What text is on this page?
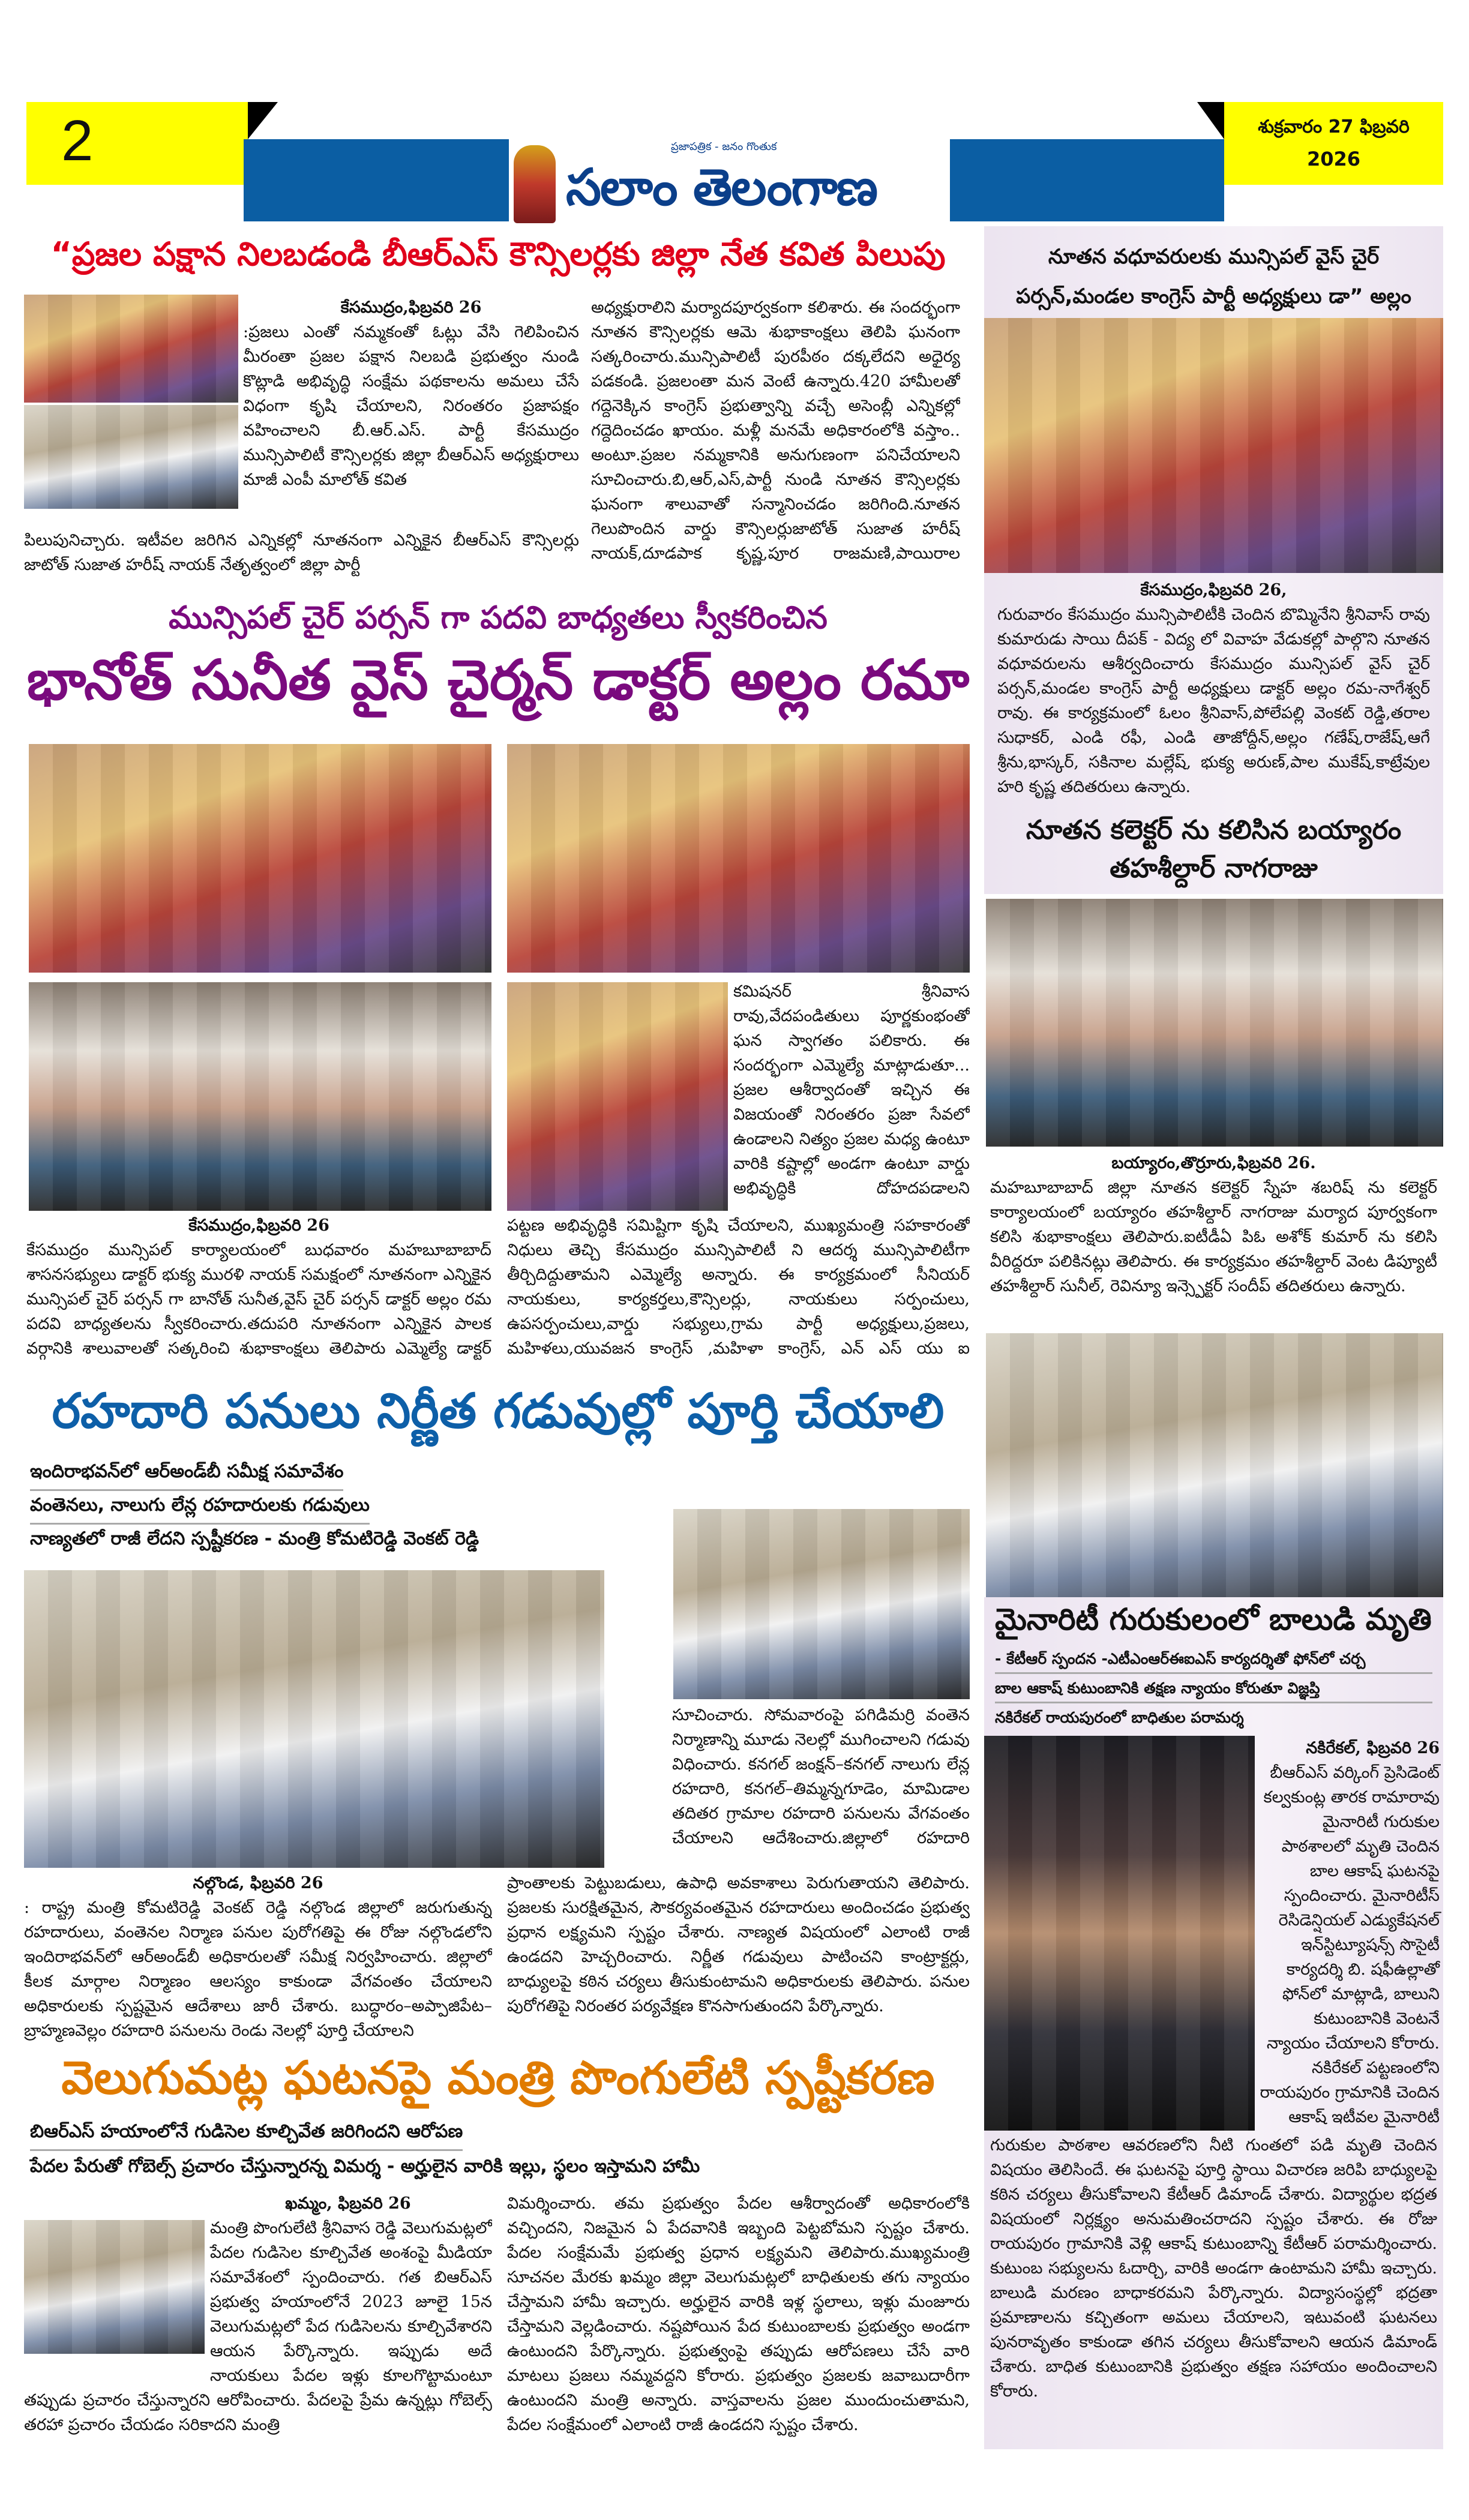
2	ప్రజాపత్రిక - జనం గొంతుక
సలాం తెలంగాణ
శుక్రవారం 27 ఫిబ్రవరి
2026
“ప్రజల పక్షాన నిలబడండి బీఆర్ఎస్ కౌన్సిలర్లకు జిల్లా నేత కవిత పిలుపు
కేసముద్రం,ఫిబ్రవరి 26
:ప్రజలు ఎంతో నమ్మకంతో ఓట్లు వేసి గెలిపించిన మీరంతా ప్రజల పక్షాన నిలబడి ప్రభుత్వం నుండి కొట్లాడి అభివృద్ధి సంక్షేమ పథకాలను అమలు చేసే విధంగా కృషి చేయాలని, నిరంతరం ప్రజాపక్షం వహించాలని బీ.ఆర్.ఎస్. పార్టీ కేసముద్రం మున్సిపాలిటీ కౌన్సిలర్లకు జిల్లా బీఆర్ఎస్ అధ్యక్షురాలు మాజీ ఎంపీ మాలోత్ కవిత
అధ్యక్షురాలిని మర్యాదపూర్వకంగా కలిశారు. ఈ సందర్భంగా నూతన కౌన్సిలర్లకు ఆమె శుభాకాంక్షలు తెలిపి ఘనంగా సత్కరించారు.మున్సిపాలిటీ పురపీఠం దక్కలేదని అధైర్య పడకండి. ప్రజలంతా మన వెంటే ఉన్నారు.420 హామీలతో గద్దెనెక్కిన కాంగ్రెస్ ప్రభుత్వాన్ని వచ్చే అసెంబ్లీ ఎన్నికల్లో గద్దెదించడం ఖాయం. మళ్లీ మనమే అధికారంలోకి వస్తాం.. అంటూ.ప్రజల నమ్మకానికి అనుగుణంగా పనిచేయాలని సూచించారు.బి,ఆర్,ఎస్,పార్టీ నుండి నూతన కౌన్సిలర్లకు ఘనంగా శాలువాతో సన్మానించడం జరిగింది.నూతన గెలుపొందిన వార్డు కౌన్సిలర్లుజాటోత్ సుజాత హరీష్ నాయక్,దూడపాక కృష్ణ,పూర రాజమణి,పాయిరాల
పిలుపునిచ్చారు. ఇటీవల జరిగిన ఎన్నికల్లో నూతనంగా ఎన్నికైన బీఆర్ఎస్ కౌన్సిలర్లు జాటోత్ సుజాత హరీష్ నాయక్ నేతృత్వంలో జిల్లా పార్టీ
మున్సిపల్ చైర్ పర్సన్ గా పదవి బాధ్యతలు స్వీకరించిన
భానోత్ సునీత వైస్ చైర్మన్ డాక్టర్ అల్లం రమా
కమిషనర్ శ్రీనివాస రావు,వేదపండితులు పూర్ణకుంభంతో ఘన స్వాగతం పలికారు. ఈ సందర్భంగా ఎమ్మెల్యే మాట్లాడుతూ... ప్రజల ఆశీర్వాదంతో ఇచ్చిన ఈ విజయంతో నిరంతరం ప్రజా సేవలో ఉండాలని నిత్యం ప్రజల మధ్య ఉంటూ వారికి కష్టాల్లో అండగా ఉంటూ వార్డు అభివృద్ధికి దోహదపడాలని
కేసముద్రం,ఫిబ్రవరి 26
కేసముద్రం మున్సిపల్ కార్యాలయంలో బుధవారం మహబూబాబాద్ శాసనసభ్యులు డాక్టర్ భుక్య మురళి నాయక్ సమక్షంలో నూతనంగా ఎన్నికైన మున్సిపల్ చైర్ పర్సన్ గా బానోత్ సునీత,వైస్ చైర్ పర్సన్ డాక్టర్ అల్లం రమ పదవి బాధ్యతలను స్వీకరించారు.తదుపరి నూతనంగా ఎన్నికైన పాలక వర్గానికి శాలువాలతో సత్కరించి శుభాకాంక్షలు తెలిపారు ఎమ్మెల్యే డాక్టర్
పట్టణ అభివృద్ధికి సమిష్టిగా కృషి చేయాలని, ముఖ్యమంత్రి సహకారంతో నిధులు తెచ్చి కేసముద్రం మున్సిపాలిటీ ని ఆదర్శ మున్సిపాలిటీగా తీర్చిదిద్దుతామని ఎమ్మెల్యే అన్నారు. ఈ కార్యక్రమంలో సీనియర్ నాయకులు, కార్యకర్తలు,కౌన్సిలర్లు, నాయకులు సర్పంచులు, ఉపసర్పంచులు,వార్డు సభ్యులు,గ్రామ పార్టీ అధ్యక్షులు,ప్రజలు, మహిళలు,యువజన కాంగ్రెస్ ,మహిళా కాంగ్రెస్, ఎన్ ఎస్ యు ఐ
రహదారి పనులు నిర్ణీత గడువుల్లో పూర్తి చేయాలి
ఇందిరాభవన్‌లో ఆర్అండ్‌బీ సమీక్ష సమావేశం
వంతెనలు, నాలుగు లేన్ల రహదారులకు గడువులు
నాణ్యతలో రాజీ లేదని స్పష్టీకరణ - మంత్రి కోమటిరెడ్డి వెంకట్ రెడ్డి
సూచించారు. సోమవారంపై పగిడిమర్రి వంతెన నిర్మాణాన్ని మూడు నెలల్లో ముగించాలని గడువు విధించారు. కనగల్ జంక్షన్–కనగల్ నాలుగు లేన్ల రహదారి, కనగల్–తిమ్మన్నగూడెం, మామిడాల తదితర గ్రామాల రహదారి పనులను వేగవంతం చేయాలని ఆదేశించారు.జిల్లాలో రహదారి
నల్గొండ, ఫిబ్రవరి 26
: రాష్ట్ర మంత్రి కోమటిరెడ్డి వెంకట్ రెడ్డి నల్గొండ జిల్లాలో జరుగుతున్న రహదారులు, వంతెనల నిర్మాణ పనుల పురోగతిపై ఈ రోజు నల్గొండలోని ఇందిరాభవన్‌లో ఆర్అండ్‌బీ అధికారులతో సమీక్ష నిర్వహించారు. జిల్లాలో కీలక మార్గాల నిర్మాణం ఆలస్యం కాకుండా వేగవంతం చేయాలని అధికారులకు స్పష్టమైన ఆదేశాలు జారీ చేశారు. బుద్ధారం–అప్పాజిపేట–బ్రాహ్మణవెల్లం రహదారి పనులను రెండు నెలల్లో పూర్తి చేయాలని
ప్రాంతాలకు పెట్టుబడులు, ఉపాధి అవకాశాలు పెరుగుతాయని తెలిపారు. ప్రజలకు సురక్షితమైన, సౌకర్యవంతమైన రహదారులు అందించడం ప్రభుత్వ ప్రధాన లక్ష్యమని స్పష్టం చేశారు. నాణ్యత విషయంలో ఎలాంటి రాజీ ఉండదని హెచ్చరించారు. నిర్ణీత గడువులు పాటించని కాంట్రాక్టర్లు, బాధ్యులపై కఠిన చర్యలు తీసుకుంటామని అధికారులకు తెలిపారు. పనుల పురోగతిపై నిరంతర పర్యవేక్షణ కొనసాగుతుందని పేర్కొన్నారు.
వెలుగుమట్ల ఘటనపై మంత్రి పొంగులేటి స్పష్టీకరణ
బిఆర్ఎస్ హయాంలోనే గుడిసెల కూల్చివేత జరిగిందని ఆరోపణ
పేదల పేరుతో గోబెల్స్ ప్రచారం చేస్తున్నారన్న విమర్శ - అర్హులైన వారికి ఇల్లు, స్థలం ఇస్తామని హామీ
ఖమ్మం, ఫిబ్రవరి 26
మంత్రి పొంగులేటి శ్రీనివాస రెడ్డి వెలుగుమట్లలో పేదల గుడిసెల కూల్చివేత అంశంపై మీడియా సమావేశంలో స్పందించారు. గత బిఆర్ఎస్ ప్రభుత్వ హయాంలోనే 2023 జూలై 15న వెలుగుమట్లలో పేద గుడిసెలను కూల్చివేశారని ఆయన పేర్కొన్నారు. ఇప్పుడు అదే నాయకులు పేదల ఇళ్లు కూలగొట్టామంటూ తప్పుడు ప్రచారం చేస్తున్నారని ఆరోపించారు. పేదలపై ప్రేమ ఉన్నట్లు గోబెల్స్ తరహా ప్రచారం చేయడం సరికాదని మంత్రి
విమర్శించారు. తమ ప్రభుత్వం పేదల ఆశీర్వాదంతో అధికారంలోకి వచ్చిందని, నిజమైన ఏ పేదవానికి ఇబ్బంది పెట్టబోమని స్పష్టం చేశారు. పేదల సంక్షేమమే ప్రభుత్వ ప్రధాన లక్ష్యమని తెలిపారు.ముఖ్యమంత్రి సూచనల మేరకు ఖమ్మం జిల్లా వెలుగుమట్లలో బాధితులకు తగు న్యాయం చేస్తామని హామీ ఇచ్చారు. అర్హులైన వారికి ఇళ్ల స్థలాలు, ఇళ్లు మంజూరు చేస్తామని వెల్లడించారు. నష్టపోయిన పేద కుటుంబాలకు ప్రభుత్వం అండగా ఉంటుందని పేర్కొన్నారు. ప్రభుత్వంపై తప్పుడు ఆరోపణలు చేసే వారి మాటలు ప్రజలు నమ్మవద్దని కోరారు. ప్రభుత్వం ప్రజలకు జవాబుదారీగా ఉంటుందని మంత్రి అన్నారు. వాస్తవాలను ప్రజల ముందుంచుతామని, పేదల సంక్షేమంలో ఎలాంటి రాజీ ఉండదని స్పష్టం చేశారు.
నూతన వధూవరులకు మున్సిపల్ వైస్ చైర్ పర్సన్,మండల కాంగ్రెస్ పార్టీ అధ్యక్షులు డా” అల్లం
కేసముద్రం,ఫిబ్రవరి 26,
గురువారం కేసముద్రం మున్సిపాలిటీకి చెందిన బొమ్మినేని శ్రీనివాస్ రావు కుమారుడు సాయి దీపక్ - విద్య లో వివాహ వేడుకల్లో పాల్గొని నూతన వధూవరులను ఆశీర్వదించారు కేసముద్రం మున్సిపల్ వైస్ చైర్ పర్సన్,మండల కాంగ్రెస్ పార్టీ అధ్యక్షులు డాక్టర్ అల్లం రమ-నాగేశ్వర్ రావు. ఈ కార్యక్రమంలో ఓలం శ్రీనివాస్,పోలేపల్లి వెంకట్ రెడ్డి,తరాల సుధాకర్, ఎండి రఫీ, ఎండి తాజోద్దీన్,అల్లం గణేష్,రాజేష్,ఆగే శ్రీను,భాస్కర్, సకినాల మల్లేష్, భుక్య అరుణ్,పాల ముకేష్,కాట్రేవుల హరి కృష్ణ తదితరులు ఉన్నారు.
నూతన కలెక్టర్ ను కలిసిన బయ్యారం తహశీల్దార్ నాగరాజు
బయ్యారం,తొర్రూరు,ఫిబ్రవరి 26.
మహబూబాబాద్ జిల్లా నూతన కలెక్టర్ స్నేహ శబరిష్ ను కలెక్టర్ కార్యాలయంలో బయ్యారం తహశీల్దార్ నాగరాజు మర్యాద పూర్వకంగా కలిసి శుభాకాంక్షలు తెలిపారు.ఐటీడీఏ పిఓ అశోక్ కుమార్ ను కలిసి వీరిద్దరూ పలికినట్లు తెలిపారు. ఈ కార్యక్రమం తహశీల్దార్ వెంట డిప్యూటీ తహశీల్దార్ సునీల్, రెవిన్యూ ఇన్స్పెక్టర్ సందీప్ తదితరులు ఉన్నారు.
మైనారిటీ గురుకులంలో బాలుడి మృతి
- కేటీఆర్ స్పందన -ఎటీఎంఆర్ఈఐఎస్ కార్యదర్శితో ఫోన్‌లో చర్చ
బాల ఆకాష్ కుటుంబానికి తక్షణ న్యాయం కోరుతూ విజ్ఞప్తి
నకిరేకల్ రాయపురంలో బాధితుల పరామర్శ
నకిరేకల్, ఫిబ్రవరి 26
బీఆర్ఎస్ వర్కింగ్ ప్రెసిడెంట్ కల్వకుంట్ల తారక రామారావు మైనారిటీ గురుకుల పాఠశాలలో మృతి చెందిన బాల ఆకాష్ ఘటనపై స్పందించారు. మైనారిటీస్ రెసిడెన్షియల్ ఎడ్యుకేషనల్ ఇన్‌స్టిట్యూషన్స్ సొసైటీ కార్యదర్శి బి. షఫీఉల్లాతో ఫోన్‌లో మాట్లాడి, బాలుని కుటుంబానికి వెంటనే న్యాయం చేయాలని కోరారు. నకిరేకల్ పట్టణంలోని రాయపురం గ్రామానికి చెందిన ఆకాష్ ఇటీవల మైనారిటీ
గురుకుల పాఠశాల ఆవరణలోని నీటి గుంతలో పడి మృతి చెందిన విషయం తెలిసిందే. ఈ ఘటనపై పూర్తి స్థాయి విచారణ జరిపి బాధ్యులపై కఠిన చర్యలు తీసుకోవాలని కేటీఆర్ డిమాండ్ చేశారు. విద్యార్థుల భద్రత విషయంలో నిర్లక్ష్యం అనుమతించరాదని స్పష్టం చేశారు. ఈ రోజు రాయపురం గ్రామానికి వెళ్లి ఆకాష్ కుటుంబాన్ని కేటీఆర్ పరామర్శించారు. కుటుంబ సభ్యులను ఓదార్చి, వారికి అండగా ఉంటామని హామీ ఇచ్చారు. బాలుడి మరణం బాధాకరమని పేర్కొన్నారు. విద్యాసంస్థల్లో భద్రతా ప్రమాణాలను కచ్చితంగా అమలు చేయాలని, ఇటువంటి ఘటనలు పునరావృతం కాకుండా తగిన చర్యలు తీసుకోవాలని ఆయన డిమాండ్ చేశారు. బాధిత కుటుంబానికి ప్రభుత్వం తక్షణ సహాయం అందించాలని కోరారు.
